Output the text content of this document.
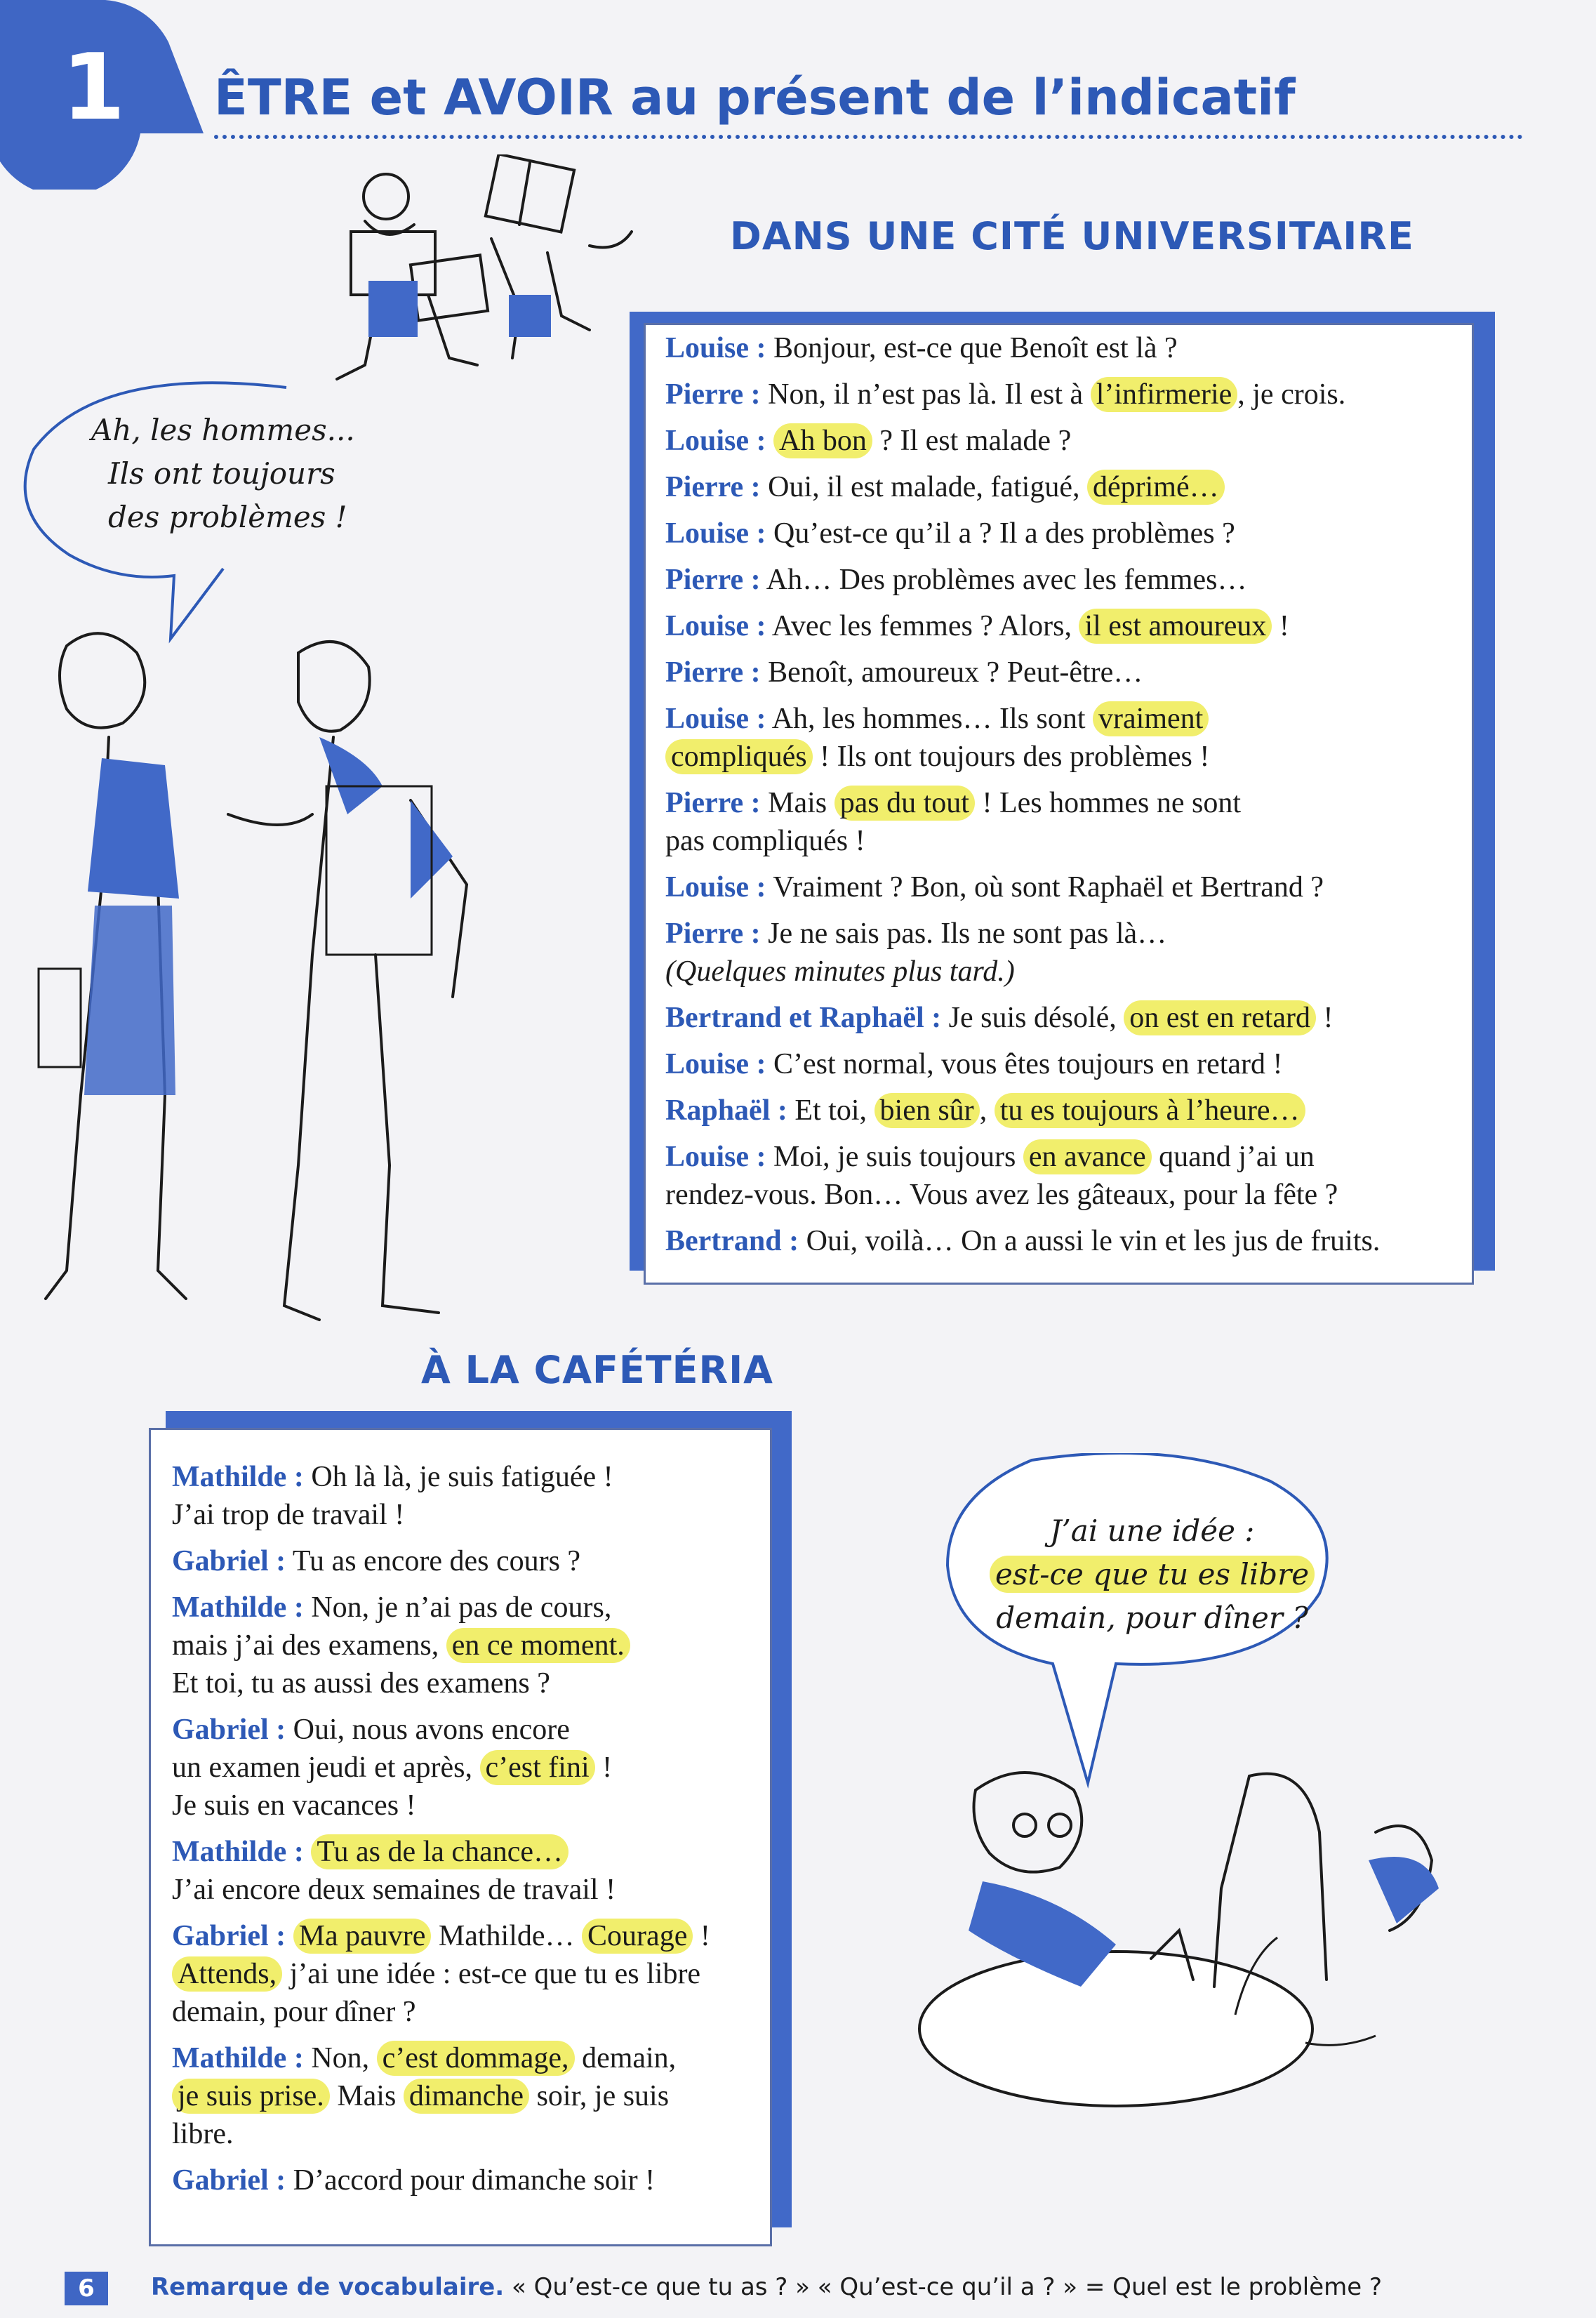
1 ÊTRE et AVOIR au présent de l’indicatif
DANS UNE CITÉ UNIVERSITAIRE
Ah, les hommes...
Ils ont toujours
des problèmes !

Louise : Bonjour, est-ce que Benoît est là ?

Pierre : Non, il n’est pas là. Il est à l’infirmerie , je crois.

Louise : Ah bon ? Il est malade ?

Pierre : Oui, il est malade, fatigué, déprimé…

Louise : Qu’est-ce qu’il a ? Il a des problèmes ?

Pierre : Ah… Des problèmes avec les femmes…

Louise : Avec les femmes ? Alors, il est amoureux !

Pierre : Benoît, amoureux ? Peut-être…

Louise : Ah, les hommes… Ils sont vraiment
compliqués ! Ils ont toujours des problèmes !

Pierre : Mais pas du tout ! Les hommes ne sont
pas compliqués !

Louise : Vraiment ? Bon, où sont Raphaël et Bertrand ?

Pierre : Je ne sais pas. Ils ne sont pas là…
(Quelques minutes plus tard.)

Bertrand et Raphaël : Je suis désolé, on est en retard !

Louise : C’est normal, vous êtes toujours en retard !

Raphaël : Et toi, bien sûr , tu es toujours à l’heure…

Louise : Moi, je suis toujours en avance quand j’ai un
rendez-vous. Bon… Vous avez les gâteaux, pour la fête ?

Bertrand : Oui, voilà… On a aussi le vin et les jus de fruits.

À LA CAFÉTÉRIA

Mathilde : Oh là là, je suis fatiguée !
J’ai trop de travail !

Gabriel : Tu as encore des cours ?

Mathilde : Non, je n’ai pas de cours,
mais j’ai des examens, en ce moment.
Et toi, tu as aussi des examens ?

Gabriel : Oui, nous avons encore
un examen jeudi et après, c’est fini !
Je suis en vacances !

Mathilde : Tu as de la chance…
J’ai encore deux semaines de travail !

Gabriel : Ma pauvre Mathilde… Courage !
Attends, j’ai une idée : est-ce que tu es libre
demain, pour dîner ?

Mathilde : Non, c’est dommage, demain,
je suis prise. Mais dimanche soir, je suis
libre.

Gabriel : D’accord pour dimanche soir !

J’ai une idée :
est-ce que tu es libre
demain, pour dîner ?
6	Remarque de vocabulaire. « Qu’est-ce que tu as ? » « Qu’est-ce qu’il a ? » = Quel est le problème ?
